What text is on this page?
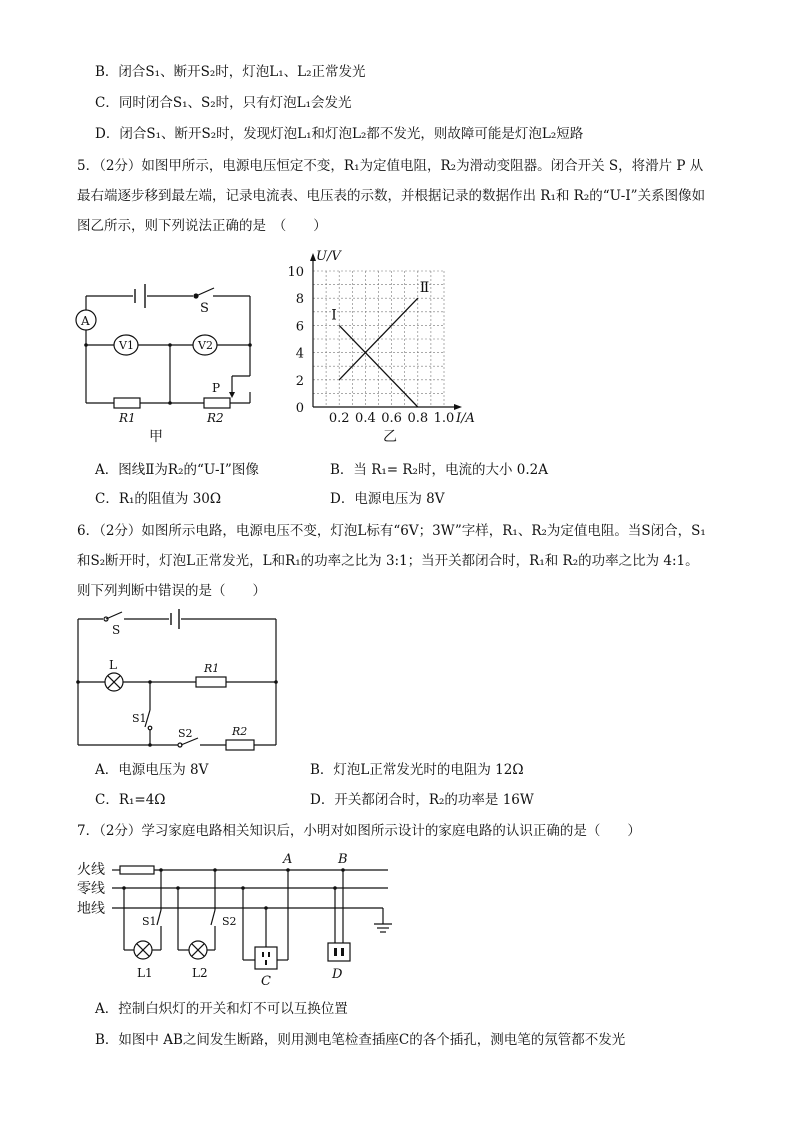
B．闭合S₁、断开S₂时，灯泡L₁、L₂正常发光
C．同时闭合S₁、S₂时，只有灯泡L₁会发光
D．闭合S₁、断开S₂时，发现灯泡L₁和灯泡L₂都不发光，则故障可能是灯泡L₂短路
5．（2分）如图甲所示，电源电压恒定不变，R₁为定值电阻，R₂为滑动变阻器。闭合开关 S，将滑片 P 从
最右端逐步移到最左端，记录电流表、电压表的示数，并根据记录的数据作出 R₁和 R₂的“U-I”关系图像如
图乙所示，则下列说法正确的是　（　　）
A
S
V1	V2
R1	R2
P
甲
0
2
4
6
8
10
0.2 0.4 0.6 0.8 1.0
U/V
I/A
Ⅰ
Ⅱ
乙
A．图线Ⅱ为R₂的“U-I”图像	B．当 R₁= R₂时，电流的大小 0.2A
C．R₁的阻值为 30Ω	D．电源电压为 8V
6．（2分）如图所示电路，电源电压不变，灯泡L标有“6V；3W”字样，R₁、R₂为定值电阻。当S闭合，S₁
和S₂断开时，灯泡L正常发光，L和R₁的功率之比为 3:1；当开关都闭合时，R₁和 R₂的功率之比为 4:1。
则下列判断中错误的是（　　）
S
L	R1
S1
S2	R2
A．电源电压为 8V	B．灯泡L正常发光时的电阻为 12Ω
C．R₁=4Ω	D．开关都闭合时，R₂的功率是 16W
7．（2分）学习家庭电路相关知识后，小明对如图所示设计的家庭电路的认识正确的是（　　）
火线
零线
地线
A	B
C	D
S1	S2
L1	L2
A．控制白炽灯的开关和灯不可以互换位置
B．如图中 AB之间发生断路，则用测电笔检查插座C的各个插孔，测电笔的氖管都不发光
